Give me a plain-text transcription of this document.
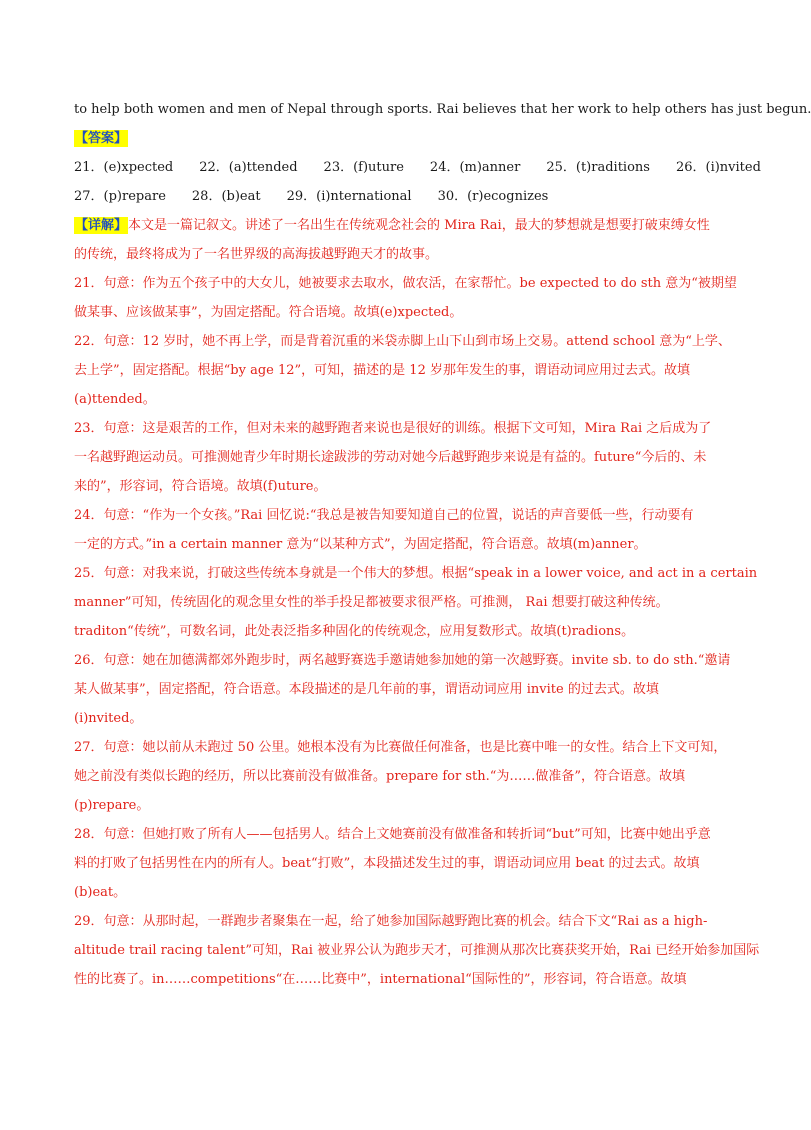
to help both women and men of Nepal through sports. Rai believes that her work to help others has just begun.
【答案】
21．(e)xpected 22．(a)ttended 23．(f)uture 24．(m)anner 25．(t)raditions 26．(i)nvited
27．(p)repare 28．(b)eat 29．(i)nternational 30．(r)ecognizes
【详解】本文是一篇记叙文。讲述了一名出生在传统观念社会的 Mira Rai，最大的梦想就是想要打破束缚女性
的传统，最终将成为了一名世界级的高海拔越野跑天才的故事。
21．句意：作为五个孩子中的大女儿，她被要求去取水，做农活，在家帮忙。be expected to do sth 意为“被期望
做某事、应该做某事”，为固定搭配。符合语境。故填(e)xpected。
22．句意：12 岁时，她不再上学，而是背着沉重的米袋赤脚上山下山到市场上交易。attend school 意为“上学、
去上学”，固定搭配。根据“by age 12”，可知，描述的是 12 岁那年发生的事，谓语动词应用过去式。故填
(a)ttended。
23．句意：这是艰苦的工作，但对未来的越野跑者来说也是很好的训练。根据下文可知，Mira Rai 之后成为了
一名越野跑运动员。可推测她青少年时期长途跋涉的劳动对她今后越野跑步来说是有益的。future“今后的、未
来的”，形容词，符合语境。故填(f)uture。
24．句意：“作为一个女孩。”Rai 回忆说:“我总是被告知要知道自己的位置，说话的声音要低一些，行动要有
一定的方式。”in a certain manner 意为“以某种方式”，为固定搭配，符合语意。故填(m)anner。
25．句意：对我来说，打破这些传统本身就是一个伟大的梦想。根据“speak in a lower voice, and act in a certain
manner”可知，传统固化的观念里女性的举手投足都被要求很严格。可推测， Rai 想要打破这种传统。
traditon“传统”，可数名词，此处表泛指多种固化的传统观念，应用复数形式。故填(t)radions。
26．句意：她在加德满都郊外跑步时，两名越野赛选手邀请她参加她的第一次越野赛。invite sb. to do sth.“邀请
某人做某事”，固定搭配，符合语意。本段描述的是几年前的事，谓语动词应用 invite 的过去式。故填
(i)nvited。
27．句意：她以前从未跑过 50 公里。她根本没有为比赛做任何准备，也是比赛中唯一的女性。结合上下文可知，
她之前没有类似长跑的经历，所以比赛前没有做准备。prepare for sth.“为……做准备”，符合语意。故填
(p)repare。
28．句意：但她打败了所有人——包括男人。结合上文她赛前没有做准备和转折词“but”可知，比赛中她出乎意
料的打败了包括男性在内的所有人。beat“打败”，本段描述发生过的事，谓语动词应用 beat 的过去式。故填
(b)eat。
29．句意：从那时起，一群跑步者聚集在一起，给了她参加国际越野跑比赛的机会。结合下文“Rai as a high-
altitude trail racing talent”可知，Rai 被业界公认为跑步天才，可推测从那次比赛获奖开始，Rai 已经开始参加国际
性的比赛了。in……competitions“在……比赛中”，international“国际性的”，形容词，符合语意。故填
